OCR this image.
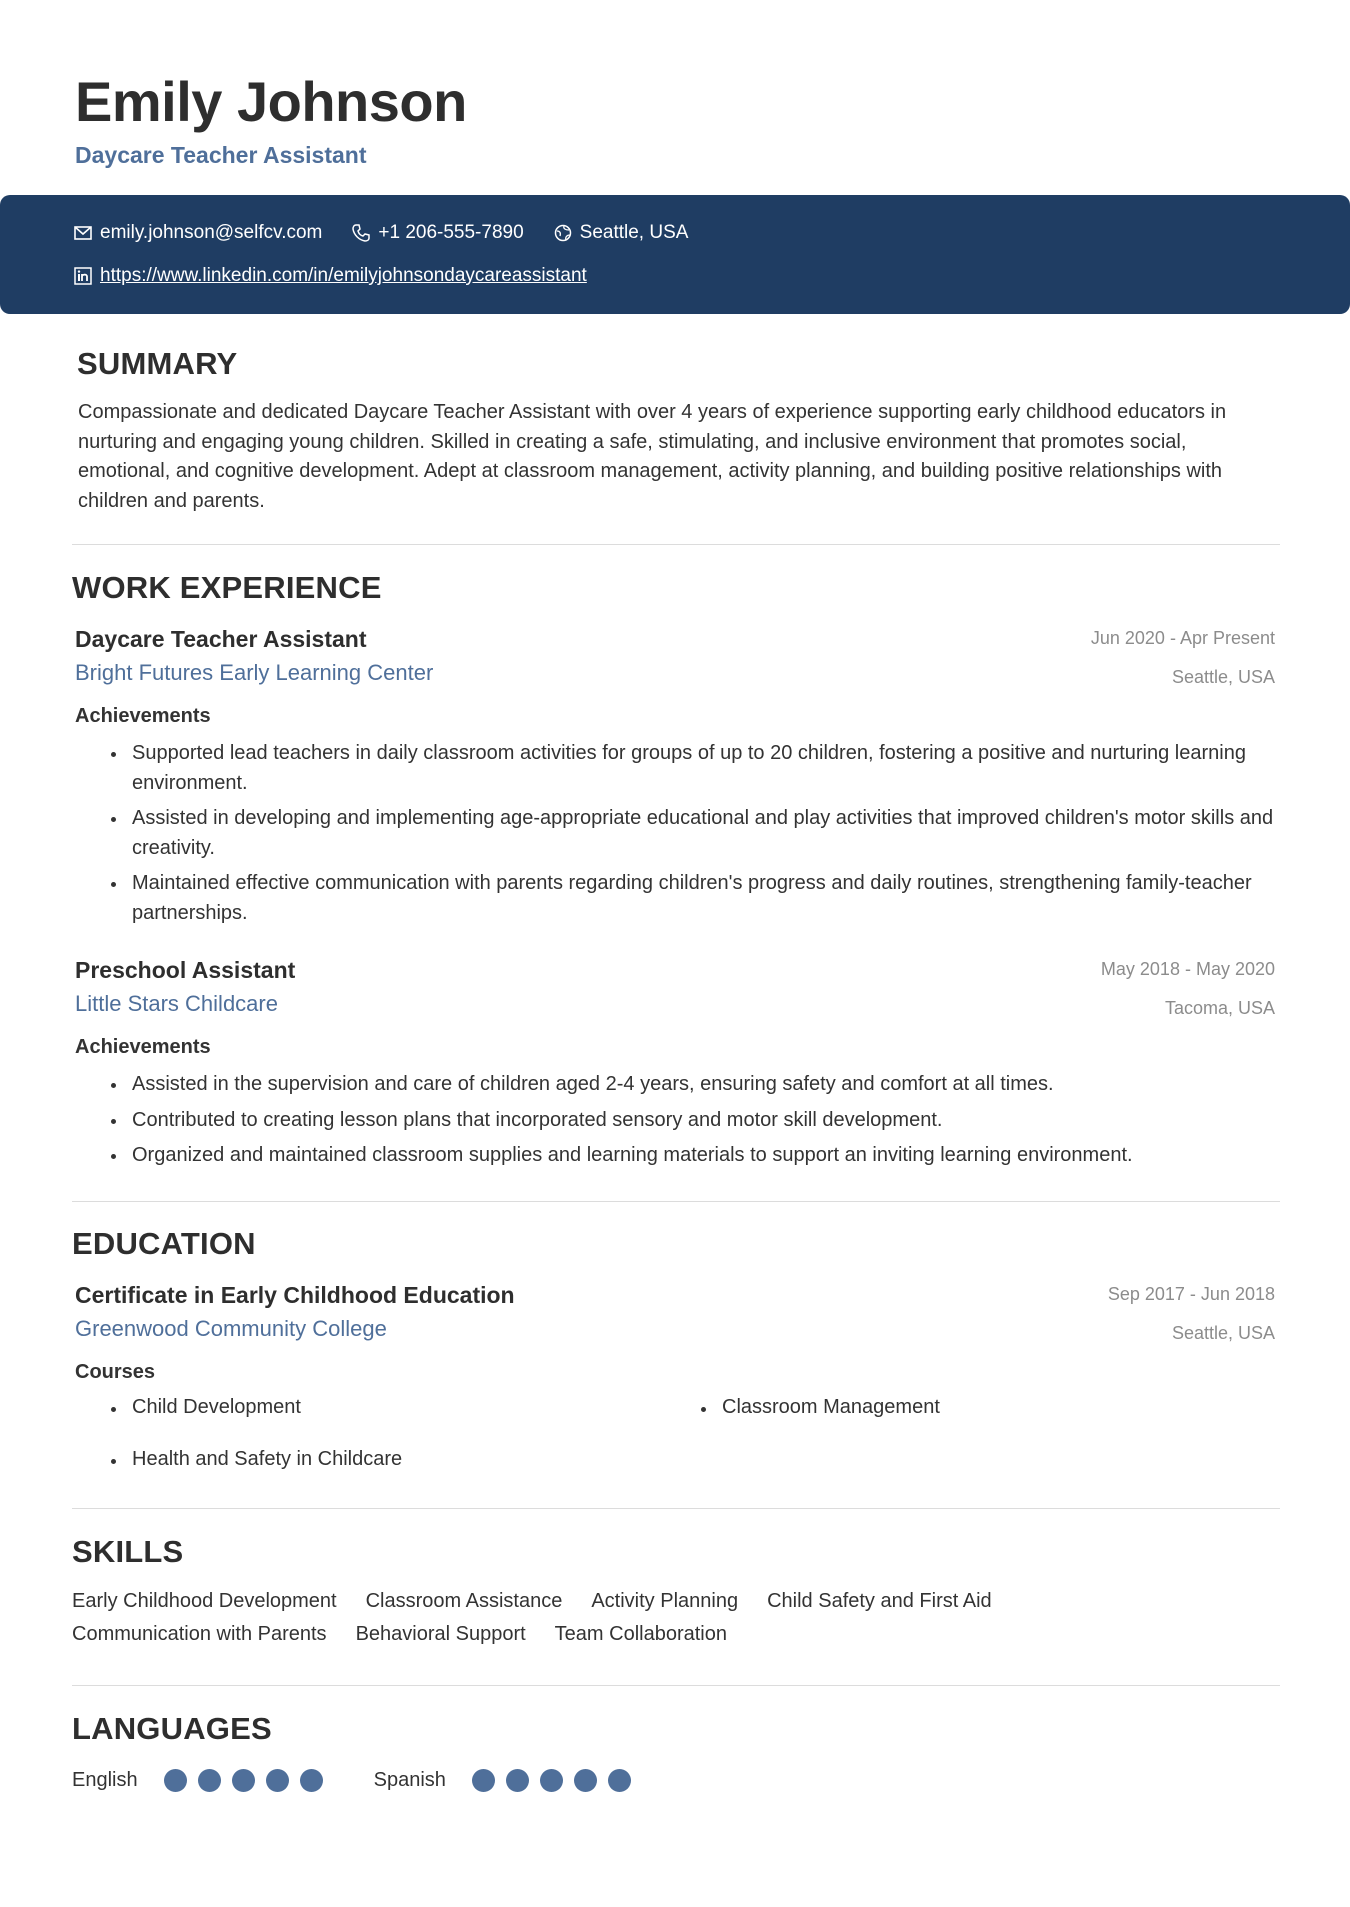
Emily Johnson
Daycare Teacher Assistant
emily.johnson@selfcv.com	+1 206-555-7890	Seattle, USA
https://www.linkedin.com/in/emilyjohnsondaycareassistant
SUMMARY
Compassionate and dedicated Daycare Teacher Assistant with over 4 years of experience supporting early childhood educators in nurturing and engaging young children. Skilled in creating a safe, stimulating, and inclusive environment that promotes social, emotional, and cognitive development. Adept at classroom management, activity planning, and building positive relationships with children and parents.
WORK EXPERIENCE
Daycare Teacher Assistant
Bright Futures Early Learning Center
Jun 2020 - Apr Present
Seattle, USA
Achievements
Supported lead teachers in daily classroom activities for groups of up to 20 children, fostering a positive and nurturing learning environment.
Assisted in developing and implementing age-appropriate educational and play activities that improved children's motor skills and creativity.
Maintained effective communication with parents regarding children's progress and daily routines, strengthening family-teacher partnerships.
Preschool Assistant
Little Stars Childcare
May 2018 - May 2020
Tacoma, USA
Achievements
Assisted in the supervision and care of children aged 2-4 years, ensuring safety and comfort at all times.
Contributed to creating lesson plans that incorporated sensory and motor skill development.
Organized and maintained classroom supplies and learning materials to support an inviting learning environment.
EDUCATION
Certificate in Early Childhood Education
Greenwood Community College
Sep 2017 - Jun 2018
Seattle, USA
Courses
Child Development	Classroom Management
Health and Safety in Childcare
SKILLS
Early Childhood Development Classroom Assistance Activity Planning Child Safety and First Aid
Communication with Parents Behavioral Support Team Collaboration
LANGUAGES
English	Spanish
